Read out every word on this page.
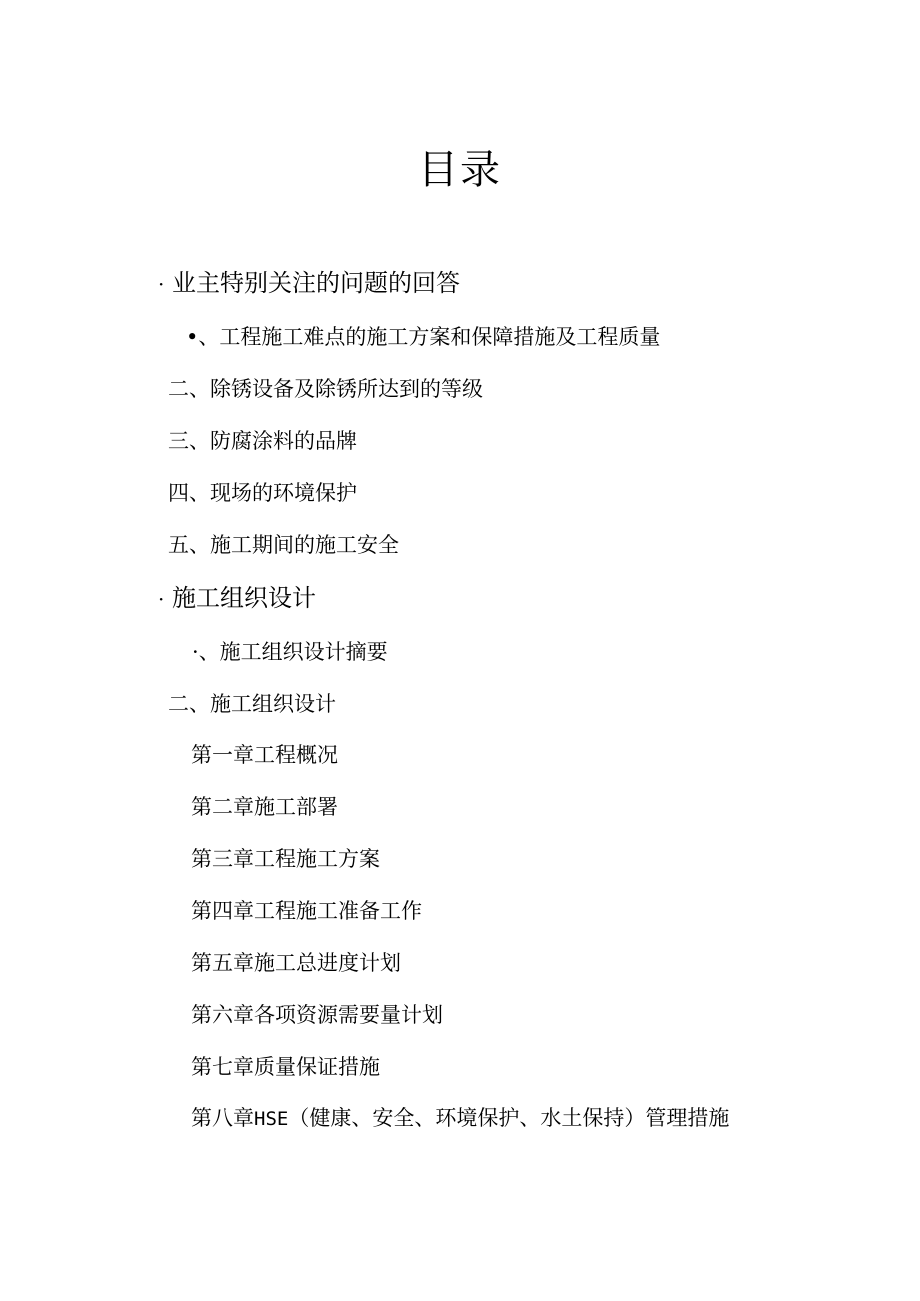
目录
· 业主特别关注的问题的回答
•、工程施工难点的施工方案和保障措施及工程质量
二、除锈设备及除锈所达到的等级
三、防腐涂料的品牌
四、现场的环境保护
五、施工期间的施工安全
· 施工组织设计
·、施工组织设计摘要
二、施工组织设计
第一章工程概况
第二章施工部署
第三章工程施工方案
第四章工程施工准备工作
第五章施工总进度计划
第六章各项资源需要量计划
第七章质量保证措施
第八章HSE（健康、安全、环境保护、水土保持）管理措施
